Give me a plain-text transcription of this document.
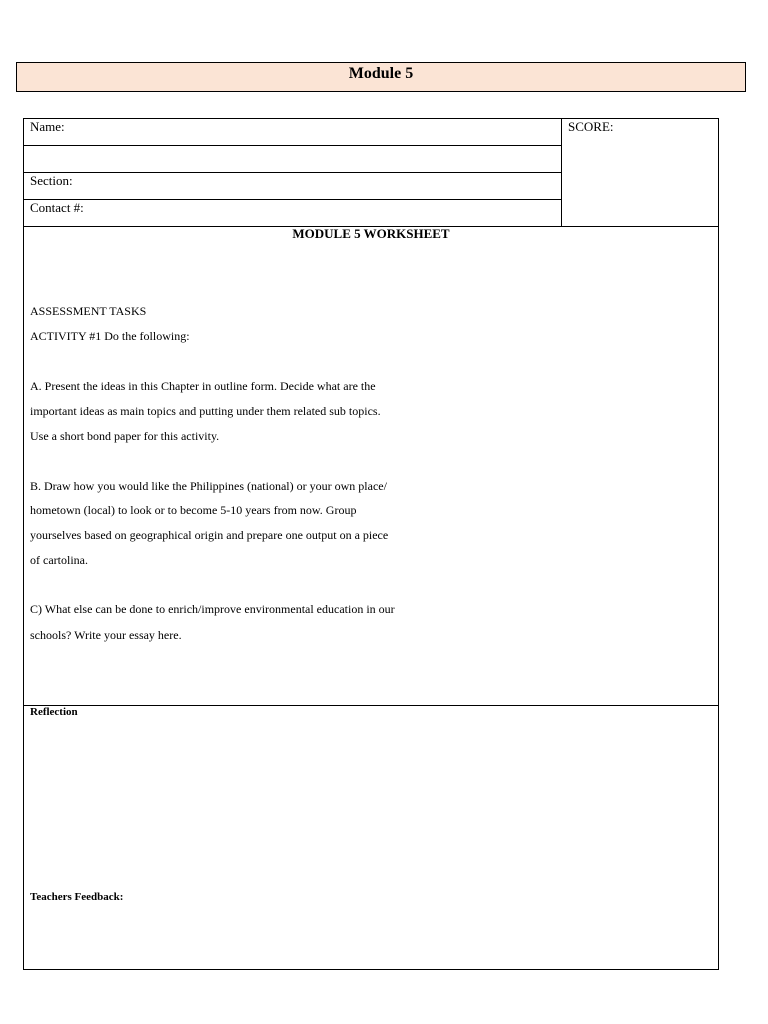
Module 5
Name:
Section:
Contact #:
SCORE:
MODULE 5 WORKSHEET
ASSESSMENT TASKS
ACTIVITY #1 Do the following:
A. Present the ideas in this Chapter in outline form. Decide what are the
important ideas as main topics and putting under them related sub topics.
Use a short bond paper for this activity.
B. Draw how you would like the Philippines (national) or your own place/
hometown (local) to look or to become 5-10 years from now. Group
yourselves based on geographical origin and prepare one output on a piece
of cartolina.
C) What else can be done to enrich/improve environmental education in our
schools? Write your essay here.
Reflection
Teachers Feedback:
